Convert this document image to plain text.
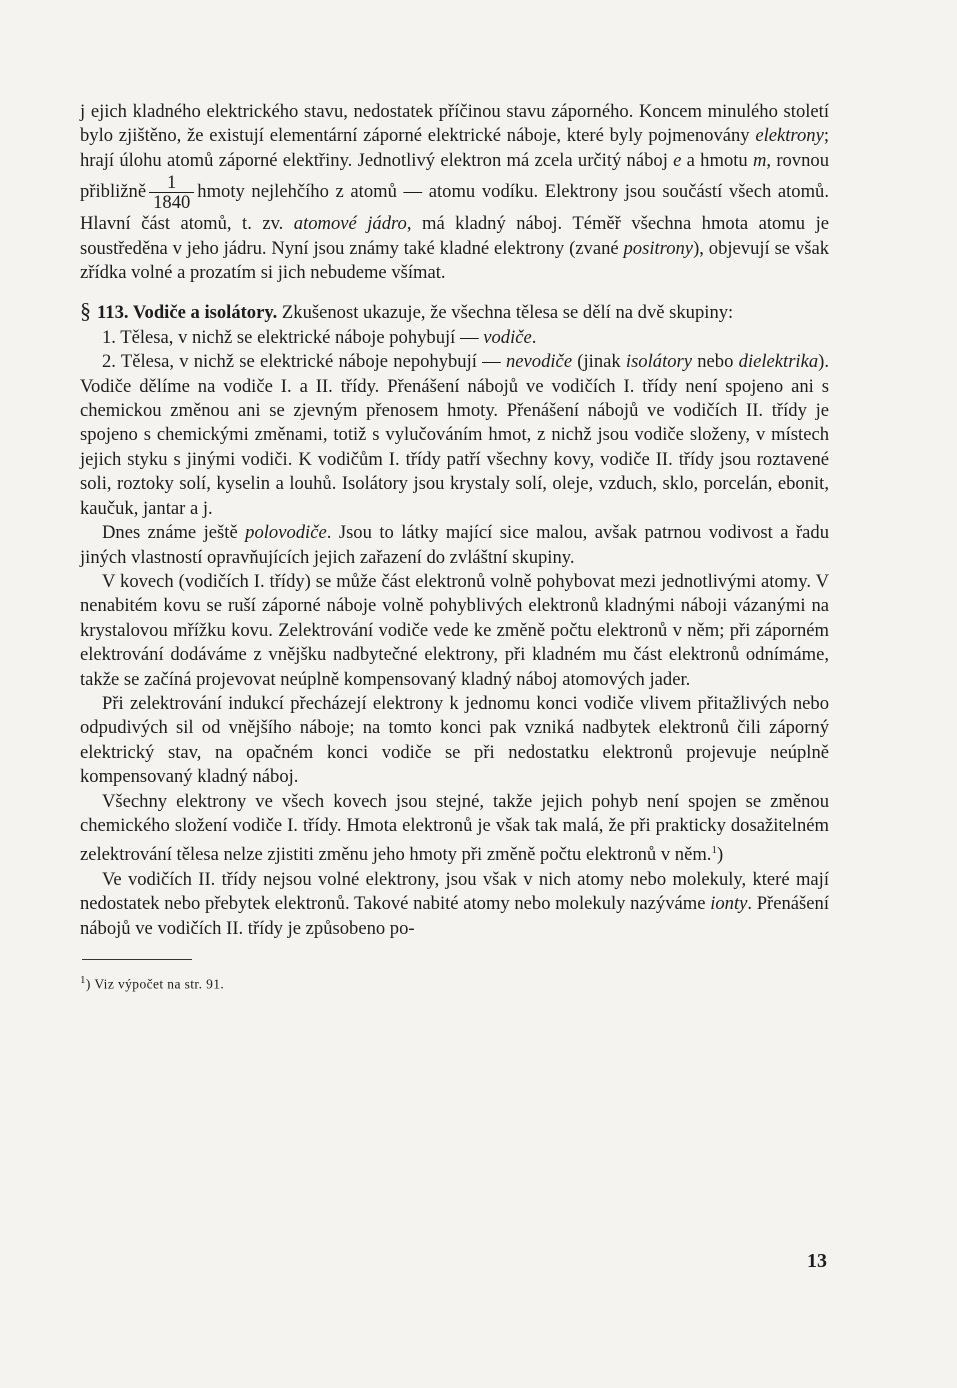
j ejich kladného elektrického stavu, nedostatek příčinou stavu záporného. Koncem minulého století bylo zjištěno, že existují elementární záporné elektrické náboje, které byly pojmenovány elektrony; hrají úlohu atomů záporné elektřiny. Jednotlivý elektron má zcela určitý náboj e a hmotu m, rovnou přibližně $\frac{1}{1840}$ hmoty nejlehčího z atomů — atomu vodíku. Elektrony jsou součástí všech atomů. Hlavní část atomů, t. zv. atomové jádro, má kladný náboj. Téměř všechna hmota atomu je soustředěna v jeho jádru. Nyní jsou známy také kladné elektrony (zvané positrony), objevují se však zřídka volné a prozatím si jich nebudeme všímat.

§ 113. Vodiče a isolátory. Zkušenost ukazuje, že všechna tělesa se dělí na dvě skupiny:

1. Tělesa, v nichž se elektrické náboje pohybují — vodiče.

2. Tělesa, v nichž se elektrické náboje nepohybují — nevodiče (jinak isolátory nebo dielektrika). Vodiče dělíme na vodiče I. a II. třídy. Přenášení nábojů ve vodičích I. třídy není spojeno ani s chemickou změnou ani se zjevným přenosem hmoty. Přenášení nábojů ve vodičích II. třídy je spojeno s chemickými změnami, totiž s vylučováním hmot, z nichž jsou vodiče složeny, v místech jejich styku s jinými vodiči. K vodičům I. třídy patří všechny kovy, vodiče II. třídy jsou roztavené soli, roztoky solí, kyselin a louhů. Isolátory jsou krystaly solí, oleje, vzduch, sklo, porcelán, ebonit, kaučuk, jantar a j.

Dnes známe ještě polovodiče. Jsou to látky mající sice malou, avšak patrnou vodivost a řadu jiných vlastností opravňujících jejich zařazení do zvláštní skupiny.

V kovech (vodičích I. třídy) se může část elektronů volně pohybovat mezi jednotlivými atomy. V nenabitém kovu se ruší záporné náboje volně pohyblivých elektronů kladnými náboji vázanými na krystalovou mřížku kovu. Zelektrování vodiče vede ke změně počtu elektronů v něm; při záporném elektrování dodáváme z vnějšku nadbytečné elektrony, při kladném mu část elektronů odnímáme, takže se začíná projevovat neúplně kompensovaný kladný náboj atomových jader.

Při zelektrování indukcí přecházejí elektrony k jednomu konci vodiče vlivem přitažlivých nebo odpudivých sil od vnějšího náboje; na tomto konci pak vzniká nadbytek elektronů čili záporný elektrický stav, na opačném konci vodiče se při nedostatku elektronů projevuje neúplně kompensovaný kladný náboj.

Všechny elektrony ve všech kovech jsou stejné, takže jejich pohyb není spojen se změnou chemického složení vodiče I. třídy. Hmota elektronů je však tak malá, že při prakticky dosažitelném zelektrování tělesa nelze zjistiti změnu jeho hmoty při změně počtu elektronů v něm.$^1$)

Ve vodičích II. třídy nejsou volné elektrony, jsou však v nich atomy nebo molekuly, které mají nedostatek nebo přebytek elektronů. Takové nabité atomy nebo molekuly nazýváme ionty. Přenášení nábojů ve vodičích II. třídy je způsobeno po-

$^1$) Viz výpočet na str. 91.

13
